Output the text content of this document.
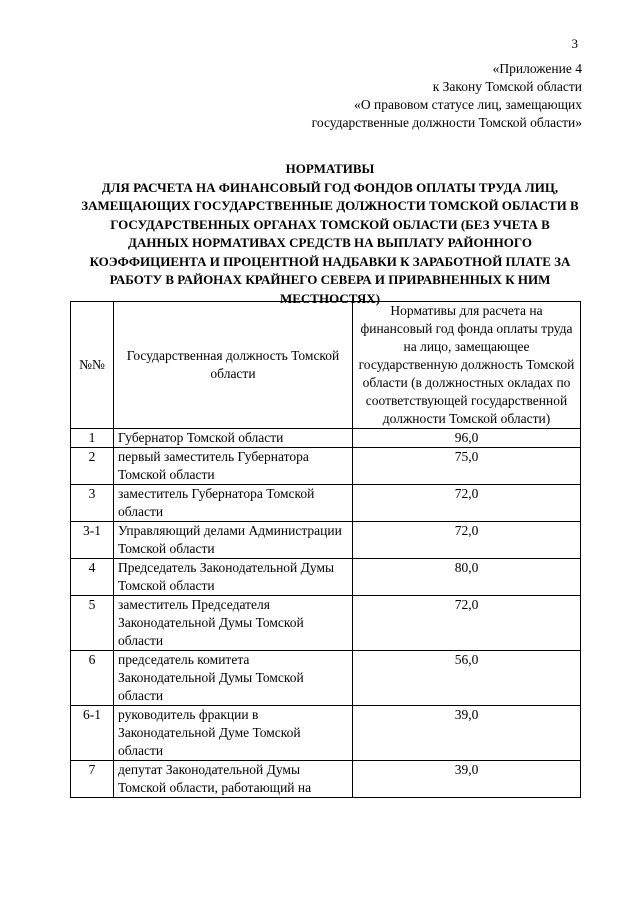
3
«Приложение 4
к Закону Томской области
«О правовом статусе лиц, замещающих
государственные должности Томской области»
НОРМАТИВЫ
ДЛЯ РАСЧЕТА НА ФИНАНСОВЫЙ ГОД ФОНДОВ ОПЛАТЫ ТРУДА ЛИЦ, ЗАМЕЩАЮЩИХ ГОСУДАРСТВЕННЫЕ ДОЛЖНОСТИ ТОМСКОЙ ОБЛАСТИ В ГОСУДАРСТВЕННЫХ ОРГАНАХ ТОМСКОЙ ОБЛАСТИ (БЕЗ УЧЕТА В ДАННЫХ НОРМАТИВАХ СРЕДСТВ НА ВЫПЛАТУ РАЙОННОГО КОЭФФИЦИЕНТА И ПРОЦЕНТНОЙ НАДБАВКИ К ЗАРАБОТНОЙ ПЛАТЕ ЗА РАБОТУ В РАЙОНАХ КРАЙНЕГО СЕВЕРА И ПРИРАВНЕННЫХ К НИМ МЕСТНОСТЯХ)
№№	Государственная должность Томской области	Нормативы для расчета на финансовый год фонда оплаты труда на лицо, замещающее государственную должность Томской области (в должностных окладах по соответствующей государственной должности Томской области)
1	Губернатор Томской области	96,0
2	первый заместитель Губернатора Томской области	75,0
3	заместитель Губернатора Томской области	72,0
3-1	Управляющий делами Администрации Томской области	72,0
4	Председатель Законодательной Думы Томской области	80,0
5	заместитель Председателя Законодательной Думы Томской области	72,0
6	председатель комитета Законодательной Думы Томской области	56,0
6-1	руководитель фракции в Законодательной Думе Томской области	39,0
7	депутат Законодательной Думы Томской области, работающий на	39,0
